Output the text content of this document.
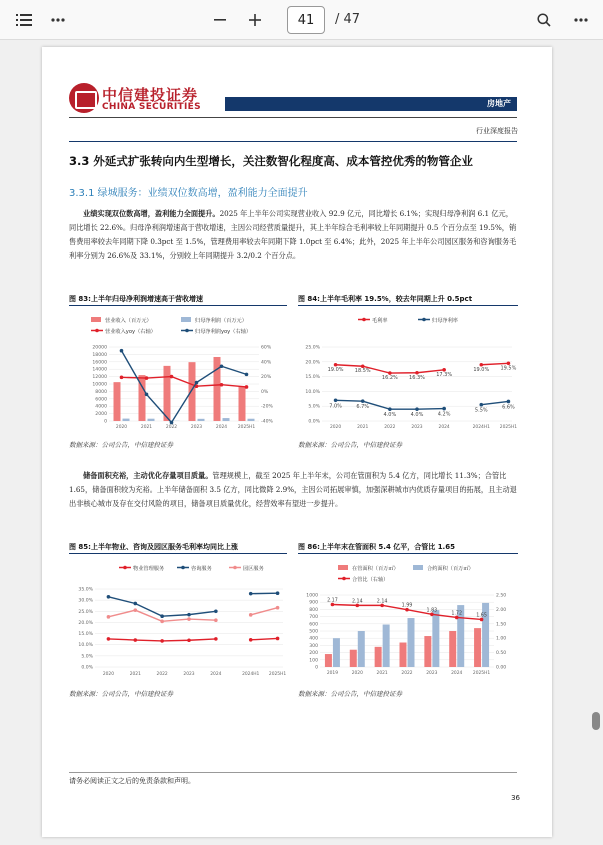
41	/ 47
中信建投证券
CHINA SECURITIES	房地产
行业深度报告
3.3 外延式扩张转向内生型增长，关注数智化程度高、成本管控优秀的物管企业
3.3.1 绿城服务：业绩双位数高增，盈利能力全面提升
业绩实现双位数高增，盈利能力全面提升。2025 年上半年公司实现营业收入 92.9 亿元，同比增长 6.1%；实现归母净利润 6.1 亿元，同比增长 22.6%。归母净利润增速高于营收增速，主因公司经营质量提升，其上半年综合毛利率较上年同期提升 0.5 个百分点至 19.5%，销售费用率较去年同期下降 0.3pct 至 1.5%，管理费用率较去年同期下降 1.0pct 至 6.4%；此外，2025 年上半年公司园区服务和咨询服务毛利率分别为 26.6%及 33.1%，分别较上年同期提升 3.2/0.2 个百分点。
图 83:上半年归母净利润增速高于营收增速	图 84:上半年毛利率 19.5%，较去年同期上升 0.5pct
0
2000
4000
6000
8000
10000
12000
14000
16000
18000
20000
-40%
-20%
0%
20%
40%
60%
2020	2021	2022	2023	2024 2025H1
营业收入（百万元）	归母净利润（百万元）
营业收入yoy（右轴）	归母净利润yoy（右轴）
0.0%
5.0%
10.0%
15.0%
20.0%
25.0%
19.0% 18.5%
16.2% 16.3% 17.3%
19.0% 19.5%
7.0%	6.7%
4.0%	4.0%	4.2%
5.5%
6.6%
2020	2021	2022	2023	2024	2024H1 2025H1
毛利率	归母净利率
数据来源：公司公告，中信建投证券	数据来源：公司公告，中信建投证券
储备面积充裕，主动优化存量项目质量。管理规模上，截至 2025 年上半年末，公司在管面积为 5.4 亿方，同比增长 11.3%；合管比 1.65，储备面积较为充裕。上半年储备面积 3.5 亿方，同比微降 2.9%，主因公司拓展审慎，加强深耕城市内优质存量项目的拓展，且主动退出非核心城市及存在交付风险的项目，储备项目质量优化，经营效率有望进一步提升。
图 85:上半年物业、咨询及园区服务毛利率均同比上涨	图 86:上半年末在管面积 5.4 亿平，合管比 1.65
0.0%
5.0%
10.0%
15.0%
20.0%
25.0%
30.0%
35.0%
2020	2021	2022	2023	2024	2024H1 2025H1
物业管理服务	咨询服务	园区服务
0
100
200
300
400
500
600
700
800
900
1000
0.00
0.50
1.00
1.50
2.00
2.50
2.17	2.14	2.14
1.99
1.83
1.72	1.65
2019	2020	2021	2022	2023	2024 2025H1
在管面积（百万㎡）	合约面积（百万㎡）
合管比（右轴）
数据来源：公司公告，中信建投证券	数据来源：公司公告，中信建投证券
请务必阅读正文之后的免责条款和声明。
36
